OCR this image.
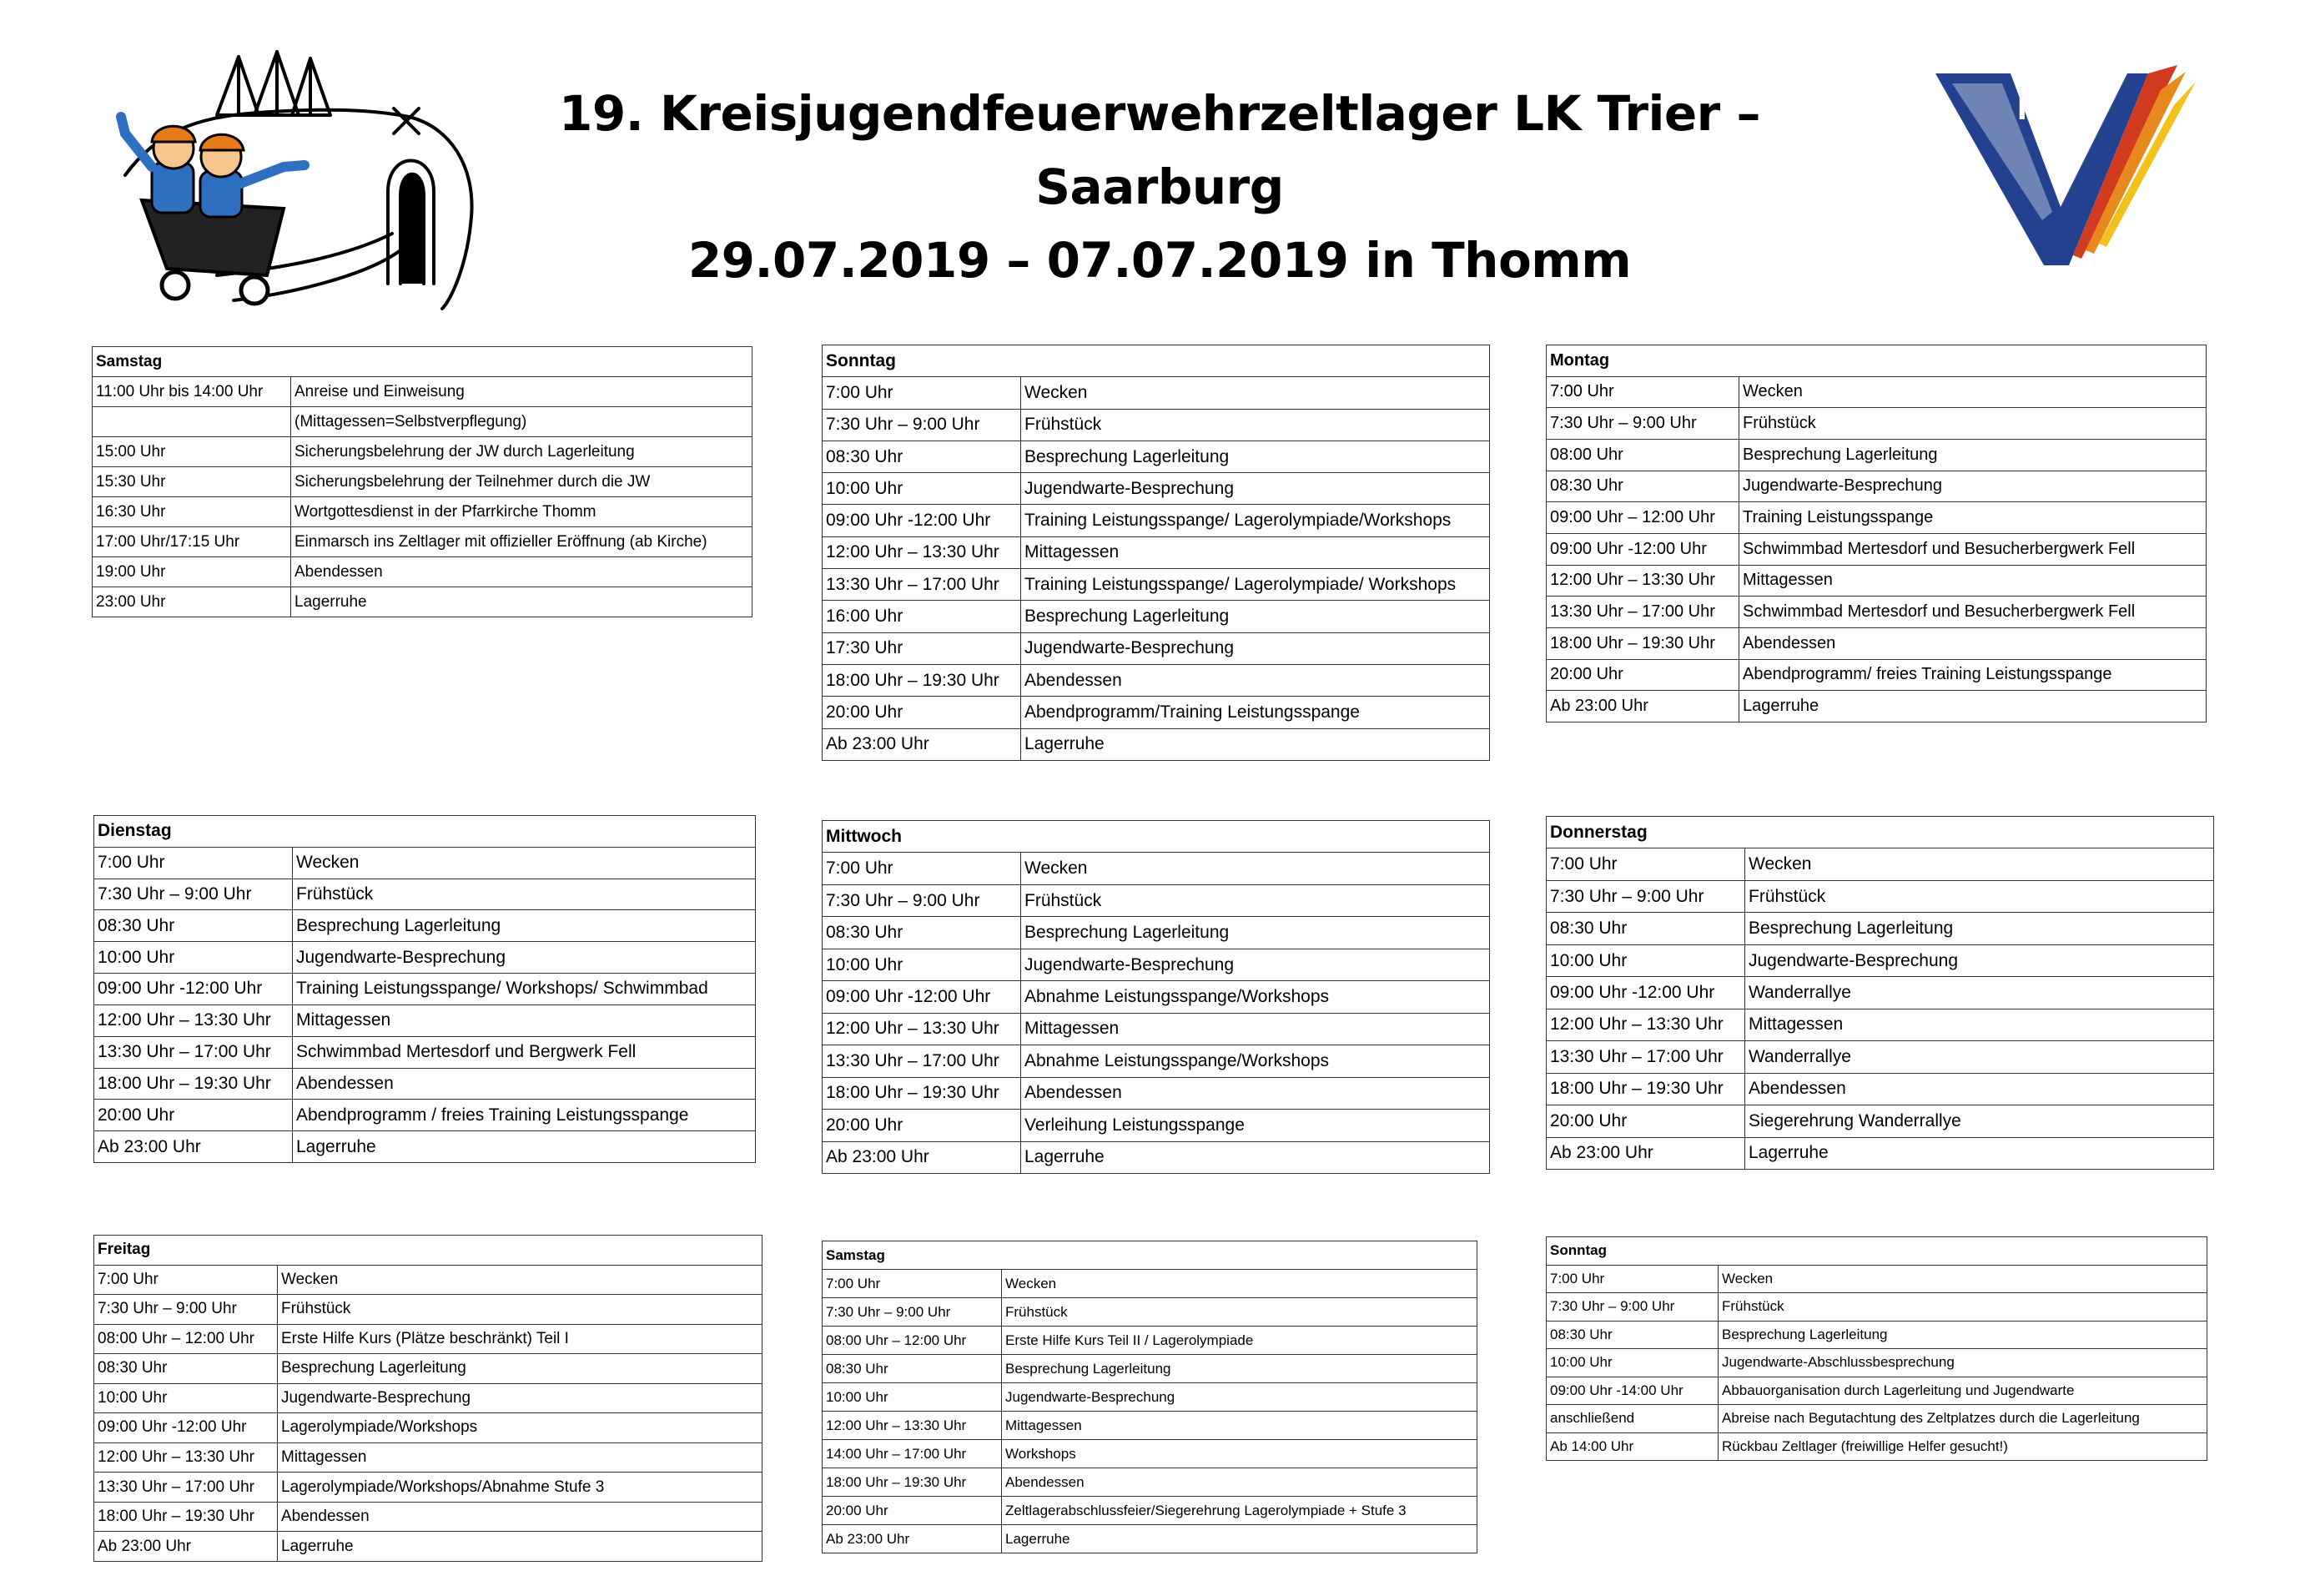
19. Kreisjugendfeuerwehrzeltlager LK Trier – Saarburg
29.07.2019 – 07.07.2019 in Thomm
KJF
Samstag	
11:00 Uhr bis 14:00 Uhr	Anreise und Einweisung
	(Mittagessen=Selbstverpflegung)
15:00 Uhr	Sicherungsbelehrung der JW durch Lagerleitung
15:30 Uhr	Sicherungsbelehrung der Teilnehmer durch die JW
16:30 Uhr	Wortgottesdienst in der Pfarrkirche Thomm
17:00 Uhr/17:15 Uhr	Einmarsch ins Zeltlager mit offizieller Eröffnung (ab Kirche)
19:00 Uhr	Abendessen
23:00 Uhr	Lagerruhe
Sonntag	
7:00 Uhr	Wecken
7:30 Uhr – 9:00 Uhr	Frühstück
08:30 Uhr	Besprechung Lagerleitung
10:00 Uhr	Jugendwarte-Besprechung
09:00 Uhr -12:00 Uhr	Training Leistungsspange/ Lagerolympiade/Workshops
12:00 Uhr – 13:30 Uhr	Mittagessen
13:30 Uhr – 17:00 Uhr	Training Leistungsspange/ Lagerolympiade/ Workshops
16:00 Uhr	Besprechung Lagerleitung
17:30 Uhr	Jugendwarte-Besprechung
18:00 Uhr – 19:30 Uhr	Abendessen
20:00 Uhr	Abendprogramm/Training Leistungsspange
Ab 23:00 Uhr	Lagerruhe
Montag	
7:00 Uhr	Wecken
7:30 Uhr – 9:00 Uhr	Frühstück
08:00 Uhr	Besprechung Lagerleitung
08:30 Uhr	Jugendwarte-Besprechung
09:00 Uhr – 12:00 Uhr	Training Leistungsspange
09:00 Uhr -12:00 Uhr	Schwimmbad Mertesdorf und Besucherbergwerk Fell
12:00 Uhr – 13:30 Uhr	Mittagessen
13:30 Uhr – 17:00 Uhr	Schwimmbad Mertesdorf und Besucherbergwerk Fell
18:00 Uhr – 19:30 Uhr	Abendessen
20:00 Uhr	Abendprogramm/ freies Training Leistungsspange
Ab 23:00 Uhr	Lagerruhe
Dienstag	
7:00 Uhr	Wecken
7:30 Uhr – 9:00 Uhr	Frühstück
08:30 Uhr	Besprechung Lagerleitung
10:00 Uhr	Jugendwarte-Besprechung
09:00 Uhr -12:00 Uhr	Training Leistungsspange/ Workshops/ Schwimmbad
12:00 Uhr – 13:30 Uhr	Mittagessen
13:30 Uhr – 17:00 Uhr	Schwimmbad Mertesdorf und Bergwerk Fell
18:00 Uhr – 19:30 Uhr	Abendessen
20:00 Uhr	Abendprogramm / freies Training Leistungsspange
Ab 23:00 Uhr	Lagerruhe
Mittwoch	
7:00 Uhr	Wecken
7:30 Uhr – 9:00 Uhr	Frühstück
08:30 Uhr	Besprechung Lagerleitung
10:00 Uhr	Jugendwarte-Besprechung
09:00 Uhr -12:00 Uhr	Abnahme Leistungsspange/Workshops
12:00 Uhr – 13:30 Uhr	Mittagessen
13:30 Uhr – 17:00 Uhr	Abnahme Leistungsspange/Workshops
18:00 Uhr – 19:30 Uhr	Abendessen
20:00 Uhr	Verleihung Leistungsspange
Ab 23:00 Uhr	Lagerruhe
Donnerstag	
7:00 Uhr	Wecken
7:30 Uhr – 9:00 Uhr	Frühstück
08:30 Uhr	Besprechung Lagerleitung
10:00 Uhr	Jugendwarte-Besprechung
09:00 Uhr -12:00 Uhr	Wanderrallye
12:00 Uhr – 13:30 Uhr	Mittagessen
13:30 Uhr – 17:00 Uhr	Wanderrallye
18:00 Uhr – 19:30 Uhr	Abendessen
20:00 Uhr	Siegerehrung Wanderrallye
Ab 23:00 Uhr	Lagerruhe
Freitag	
7:00 Uhr	Wecken
7:30 Uhr – 9:00 Uhr	Frühstück
08:00 Uhr – 12:00 Uhr	Erste Hilfe Kurs (Plätze beschränkt) Teil I
08:30 Uhr	Besprechung Lagerleitung
10:00 Uhr	Jugendwarte-Besprechung
09:00 Uhr -12:00 Uhr	Lagerolympiade/Workshops
12:00 Uhr – 13:30 Uhr	Mittagessen
13:30 Uhr – 17:00 Uhr	Lagerolympiade/Workshops/Abnahme Stufe 3
18:00 Uhr – 19:30 Uhr	Abendessen
Ab 23:00 Uhr	Lagerruhe
Samstag	
7:00 Uhr	Wecken
7:30 Uhr – 9:00 Uhr	Frühstück
08:00 Uhr – 12:00 Uhr	Erste Hilfe Kurs Teil II / Lagerolympiade
08:30 Uhr	Besprechung Lagerleitung
10:00 Uhr	Jugendwarte-Besprechung
12:00 Uhr – 13:30 Uhr	Mittagessen
14:00 Uhr – 17:00 Uhr	Workshops
18:00 Uhr – 19:30 Uhr	Abendessen
20:00 Uhr	Zeltlagerabschlussfeier/Siegerehrung Lagerolympiade + Stufe 3
Ab 23:00 Uhr	Lagerruhe
Sonntag	
7:00 Uhr	Wecken
7:30 Uhr – 9:00 Uhr	Frühstück
08:30 Uhr	Besprechung Lagerleitung
10:00 Uhr	Jugendwarte-Abschlussbesprechung
09:00 Uhr -14:00 Uhr	Abbauorganisation durch Lagerleitung und Jugendwarte
anschließend	Abreise nach Begutachtung des Zeltplatzes durch die Lagerleitung
Ab 14:00 Uhr	Rückbau Zeltlager (freiwillige Helfer gesucht!)
